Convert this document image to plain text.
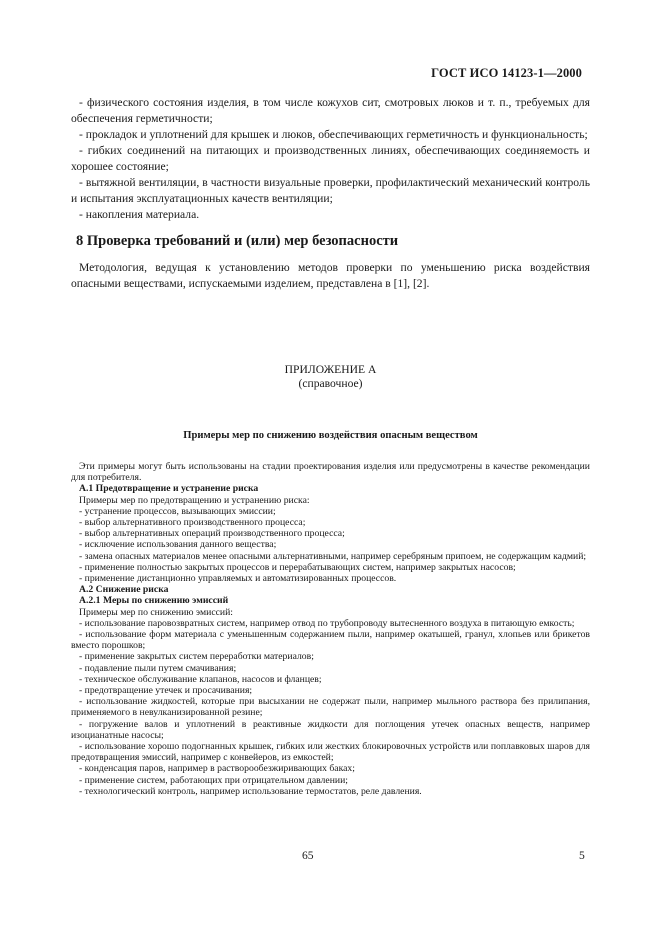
ГОСТ ИСО 14123-1—2000

- физического состояния изделия, в том числе кожухов сит, смотровых люков и т. п., требуемых для обеспечения герметичности;

- прокладок и уплотнений для крышек и люков, обеспечивающих герметичность и функциональность;

- гибких соединений на питающих и производственных линиях, обеспечивающих соединяемость и хорошее состояние;

- вытяжной вентиляции, в частности визуальные проверки, профилактический механический контроль и испытания эксплуатационных качеств вентиляции;

- накопления материала.

8 Проверка требований и (или) мер безопасности

Методология, ведущая к установлению методов проверки по уменьшению риска воздействия опасными веществами, испускаемыми изделием, представлена в [1], [2].

ПРИЛОЖЕНИЕ А
(справочное)
Примеры мер по снижению воздействия опасным веществом

Эти примеры могут быть использованы на стадии проектирования изделия или предусмотрены в качестве рекомендации для потребителя.

А.1 Предотвращение и устранение риска

Примеры мер по предотвращению и устранению риска:

- устранение процессов, вызывающих эмиссии;

- выбор альтернативного производственного процесса;

- выбор альтернативных операций производственного процесса;

- исключение использования данного вещества;

- замена опасных материалов менее опасными альтернативными, например серебряным припоем, не содержащим кадмий;

- применение полностью закрытых процессов и перерабатывающих систем, например закрытых насосов;

- применение дистанционно управляемых и автоматизированных процессов.

А.2 Снижение риска

А.2.1 Меры по снижению эмиссий

Примеры мер по снижению эмиссий:

- использование паровозвратных систем, например отвод по трубопроводу вытесненного воздуха в питающую емкость;

- использование форм материала с уменьшенным содержанием пыли, например окатышей, гранул, хлопьев или брикетов вместо порошков;

- применение закрытых систем переработки материалов;

- подавление пыли путем смачивания;

- техническое обслуживание клапанов, насосов и фланцев;

- предотвращение утечек и просачивания;

- использование жидкостей, которые при высыхании не содержат пыли, например мыльного раствора без прилипания, применяемого в невулканизированной резине;

- погружение валов и уплотнений в реактивные жидкости для поглощения утечек опасных веществ, например изоцианатные насосы;

- использование хорошо подогнанных крышек, гибких или жестких блокировочных устройств или поплавковых шаров для предотвращения эмиссий, например с конвейеров, из емкостей;

- конденсация паров, например в растворообезжиривающих баках;

- применение систем, работающих при отрицательном давлении;

- технологический контроль, например использование термостатов, реле давления.

65	5
